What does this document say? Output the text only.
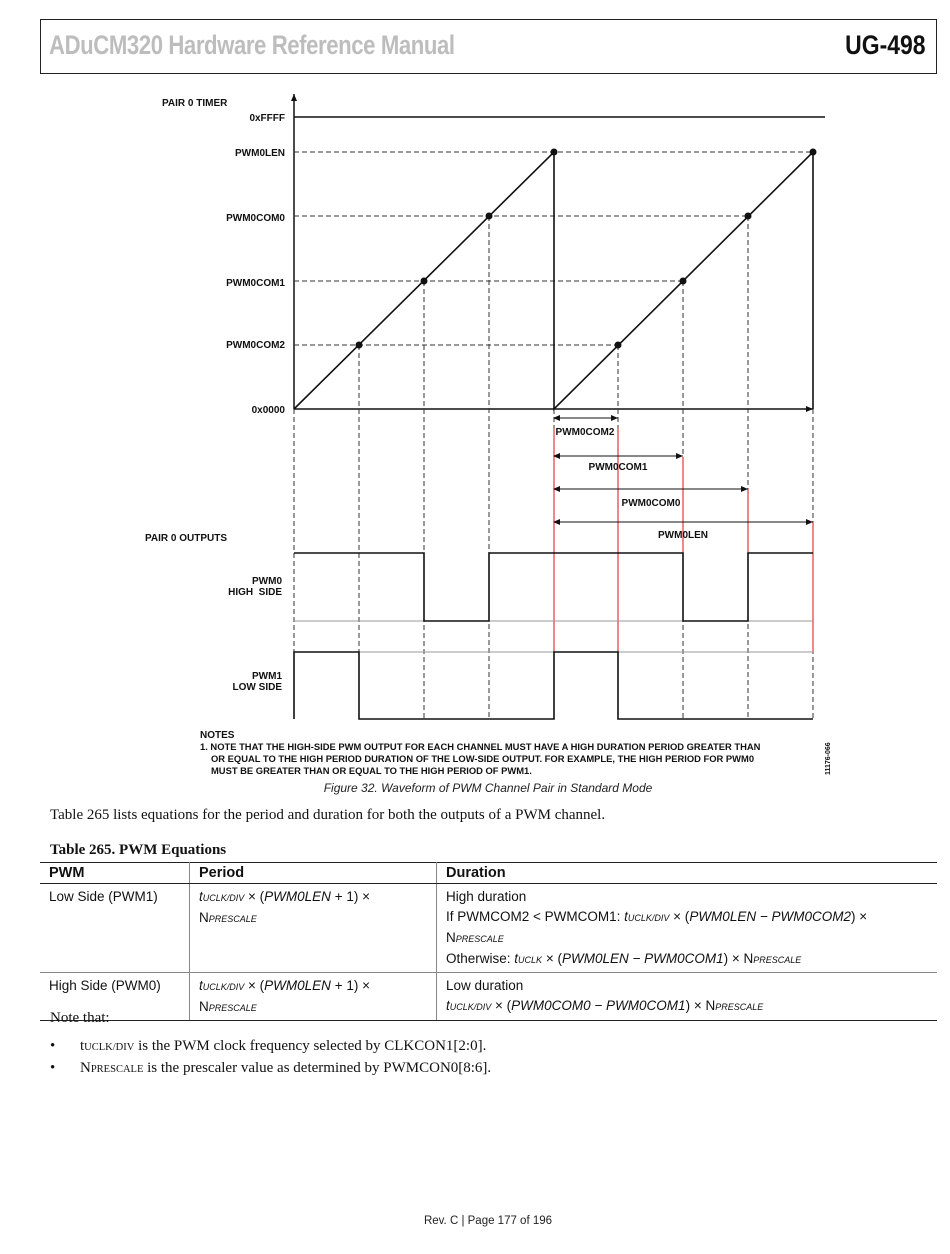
ADuCM320 Hardware Reference Manual	UG-498
PAIR 0 TIMER
0xFFFF
PWM0LEN
PWM0COM0
PWM0COM1
PWM0COM2
0x0000
PWM0COM2
PWM0COM1
PWM0COM0
PWM0LEN
PAIR 0 OUTPUTS
PWM0
HIGH  SIDE
PWM1
LOW SIDE
NOTES
1. NOTE THAT THE HIGH-SIDE PWM OUTPUT FOR EACH CHANNEL MUST HAVE A HIGH DURATION PERIOD GREATER THAN
OR EQUAL TO THE HIGH PERIOD DURATION OF THE LOW-SIDE OUTPUT. FOR EXAMPLE, THE HIGH PERIOD FOR PWM0
MUST BE GREATER THAN OR EQUAL TO THE HIGH PERIOD OF PWM1.	11176-066
Figure 32. Waveform of PWM Channel Pair in Standard Mode
Table 265 lists equations for the period and duration for both the outputs of a PWM channel.
Table 265. PWM Equations
PWM	Period	Duration
Low Side (PWM1)	tUCLK/DIV × (PWM0LEN + 1) × NPRESCALE	High duration
If PWMCOM2 < PWMCOM1: tUCLK/DIV × (PWM0LEN − PWM0COM2) × NPRESCALE
Otherwise: tUCLK × (PWM0LEN − PWM0COM1) × NPRESCALE

High Side (PWM0)	tUCLK/DIV × (PWM0LEN + 1) × NPRESCALE	Low duration
tUCLK/DIV × (PWM0COM0 − PWM0COM1) × NPRESCALE
Note that:
• tUCLK/DIV is the PWM clock frequency selected by CLKCON1[2:0].
• NPRESCALE is the prescaler value as determined by PWMCON0[8:6].
Rev. C | Page 177 of 196
